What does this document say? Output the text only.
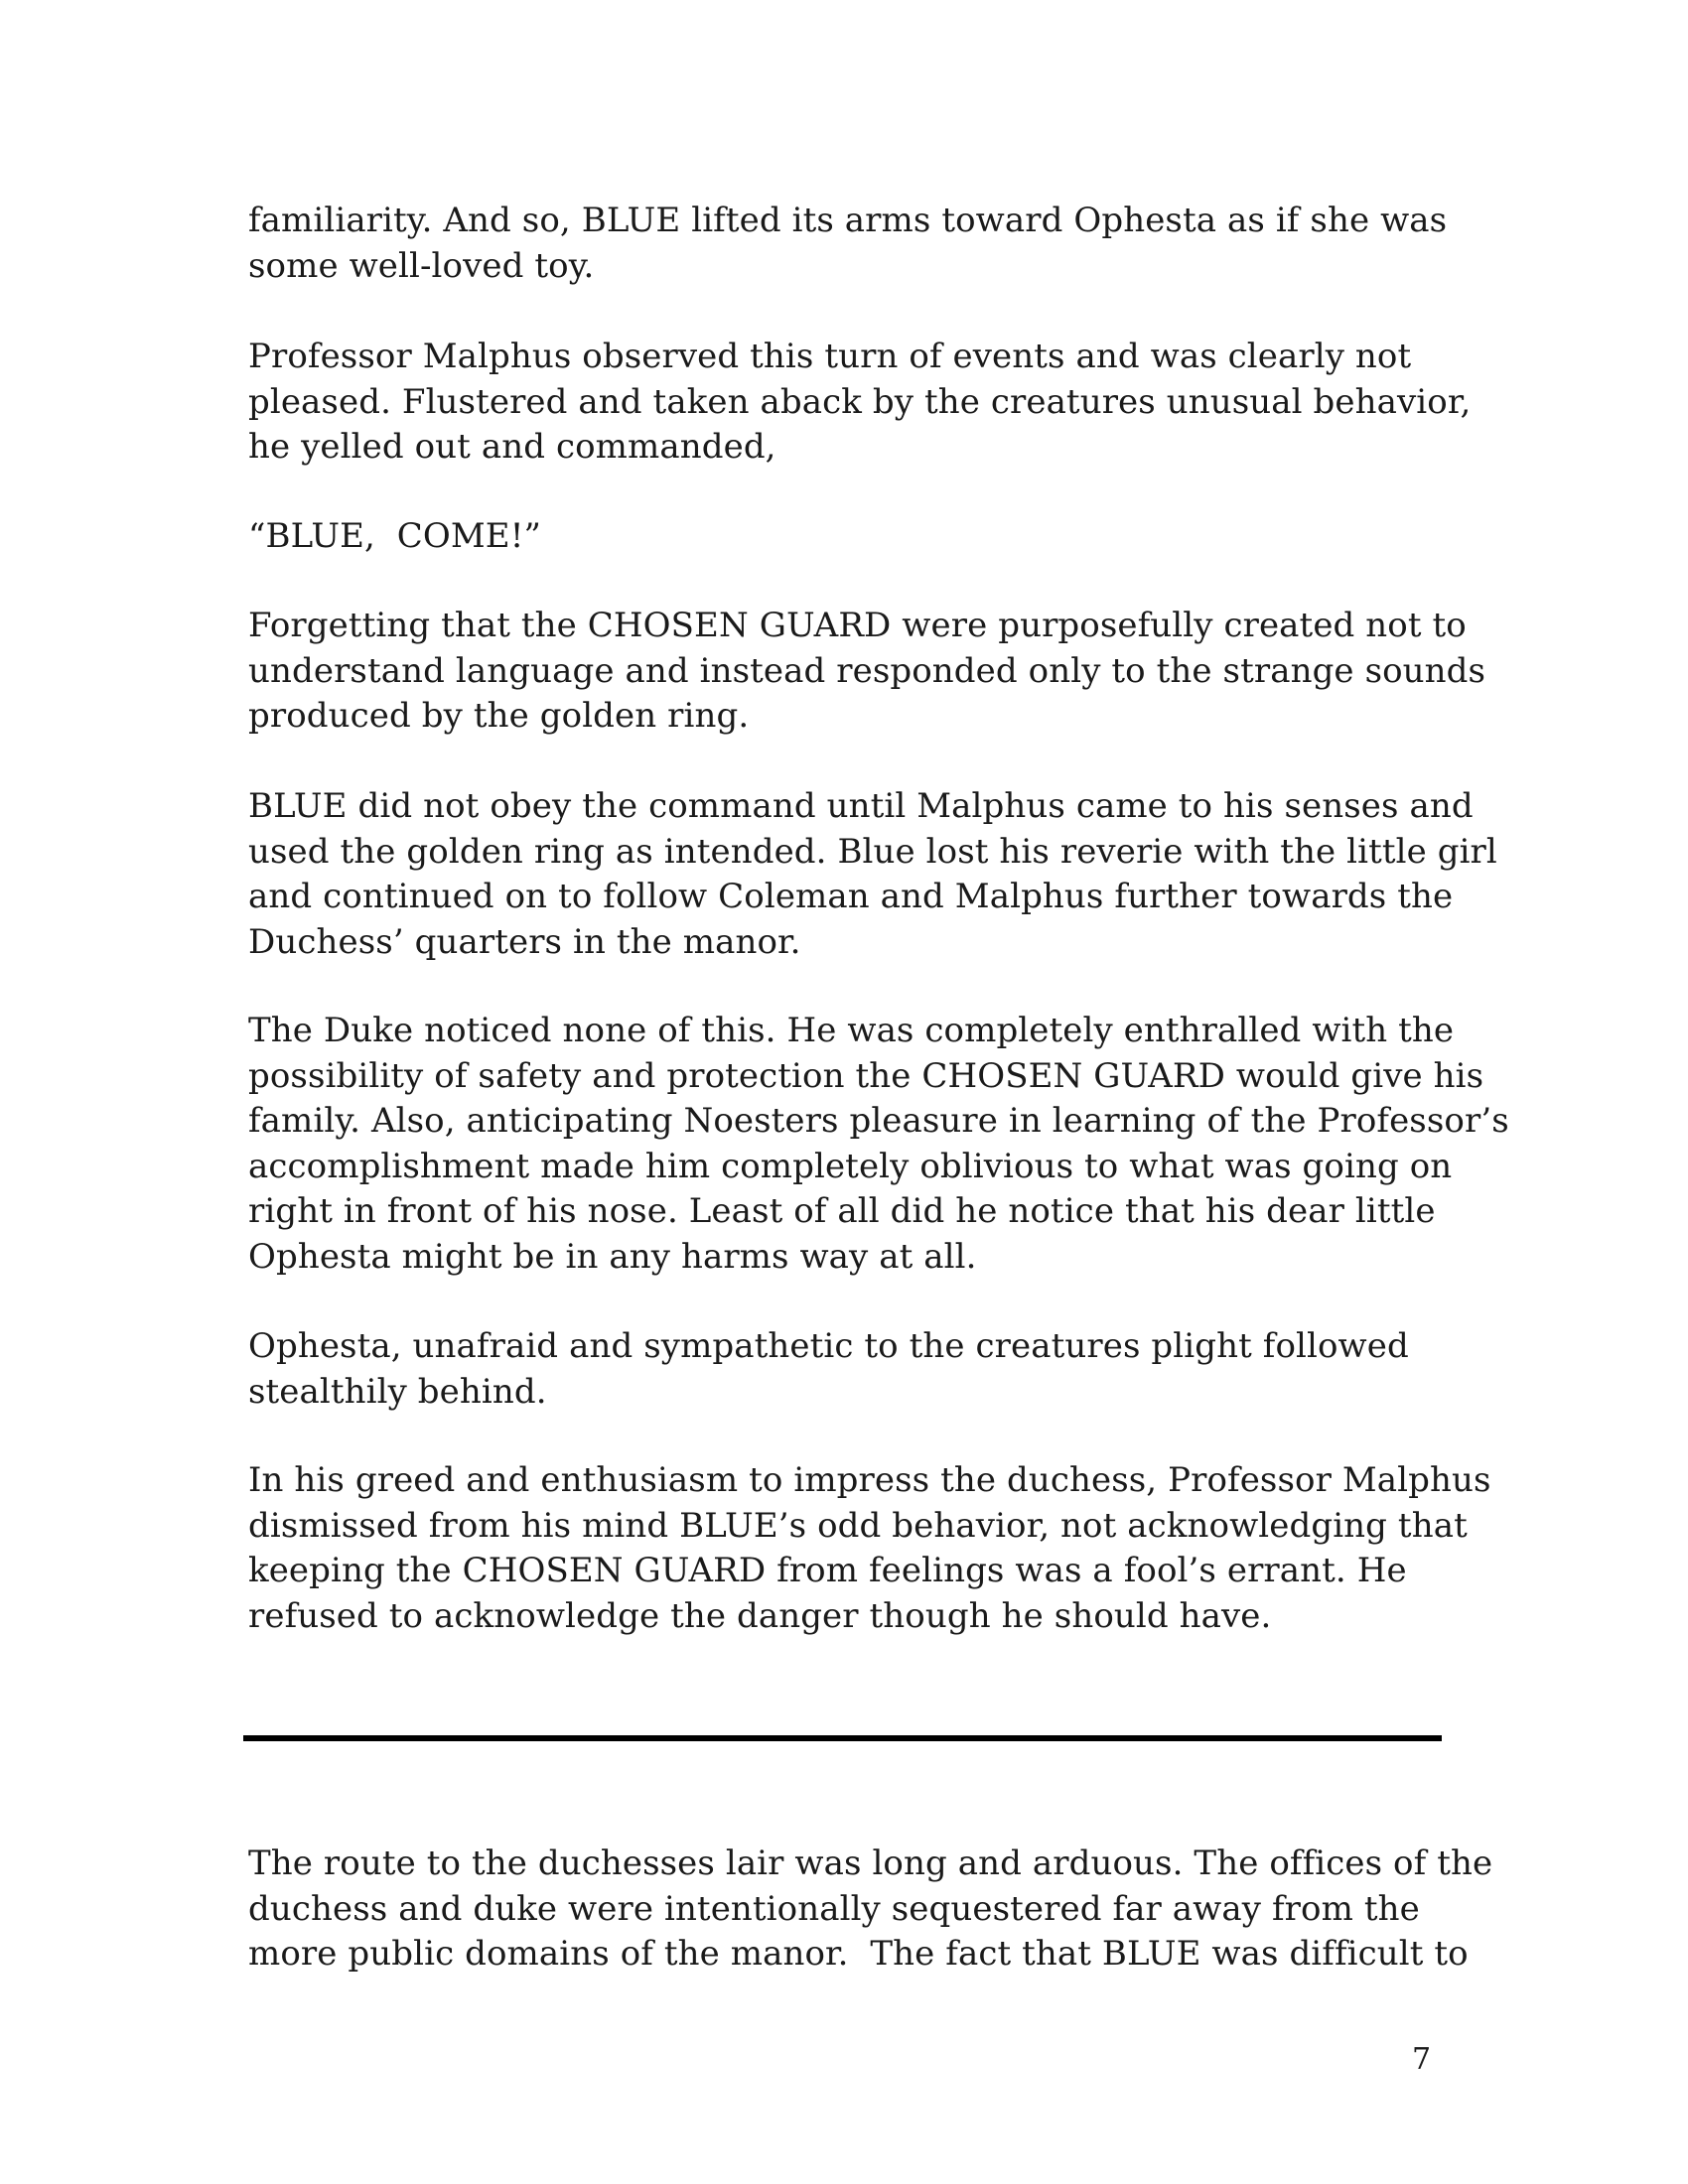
familiarity. And so, BLUE lifted its arms toward Ophesta as if she was
some well-loved toy.

Professor Malphus observed this turn of events and was clearly not
pleased. Flustered and taken aback by the creatures unusual behavior,
he yelled out and commanded,

“BLUE,  COME!”

Forgetting that the CHOSEN GUARD were purposefully created not to
understand language and instead responded only to the strange sounds
produced by the golden ring.

BLUE did not obey the command until Malphus came to his senses and
used the golden ring as intended. Blue lost his reverie with the little girl
and continued on to follow Coleman and Malphus further towards the
Duchess’ quarters in the manor.

The Duke noticed none of this. He was completely enthralled with the
possibility of safety and protection the CHOSEN GUARD would give his
family. Also, anticipating Noesters pleasure in learning of the Professor’s
accomplishment made him completely oblivious to what was going on
right in front of his nose. Least of all did he notice that his dear little
Ophesta might be in any harms way at all.

Ophesta, unafraid and sympathetic to the creatures plight followed
stealthily behind.

In his greed and enthusiasm to impress the duchess, Professor Malphus
dismissed from his mind BLUE’s odd behavior, not acknowledging that
keeping the CHOSEN GUARD from feelings was a fool’s errant. He
refused to acknowledge the danger though he should have.

The route to the duchesses lair was long and arduous. The offices of the
duchess and duke were intentionally sequestered far away from the
more public domains of the manor.  The fact that BLUE was difficult to

7
